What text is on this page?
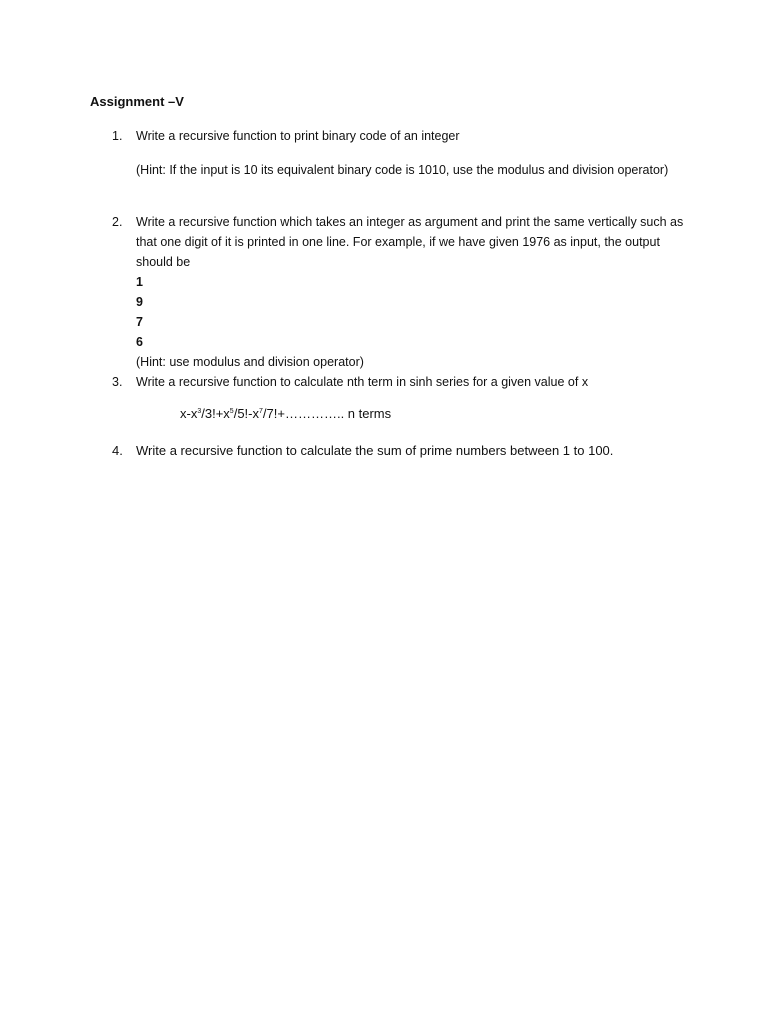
Assignment –V
1.	Write a recursive function to print binary code of an integer
(Hint: If the input is 10 its equivalent binary code is 1010, use the modulus and division operator)
2.	Write a recursive function which takes an integer as argument and print the same vertically such as that one digit of it is printed in one line. For example, if we have given 1976 as input, the output should be
1
9
7
6
(Hint: use modulus and division operator)
3.	Write a recursive function to calculate nth term in sinh series for a given value of x
$x-x^3/3!+x^5/5!-x^7/7!+\dots\dots\dots\dots$.. n terms
4.	Write a recursive function to calculate the sum of prime numbers between 1 to 100.
